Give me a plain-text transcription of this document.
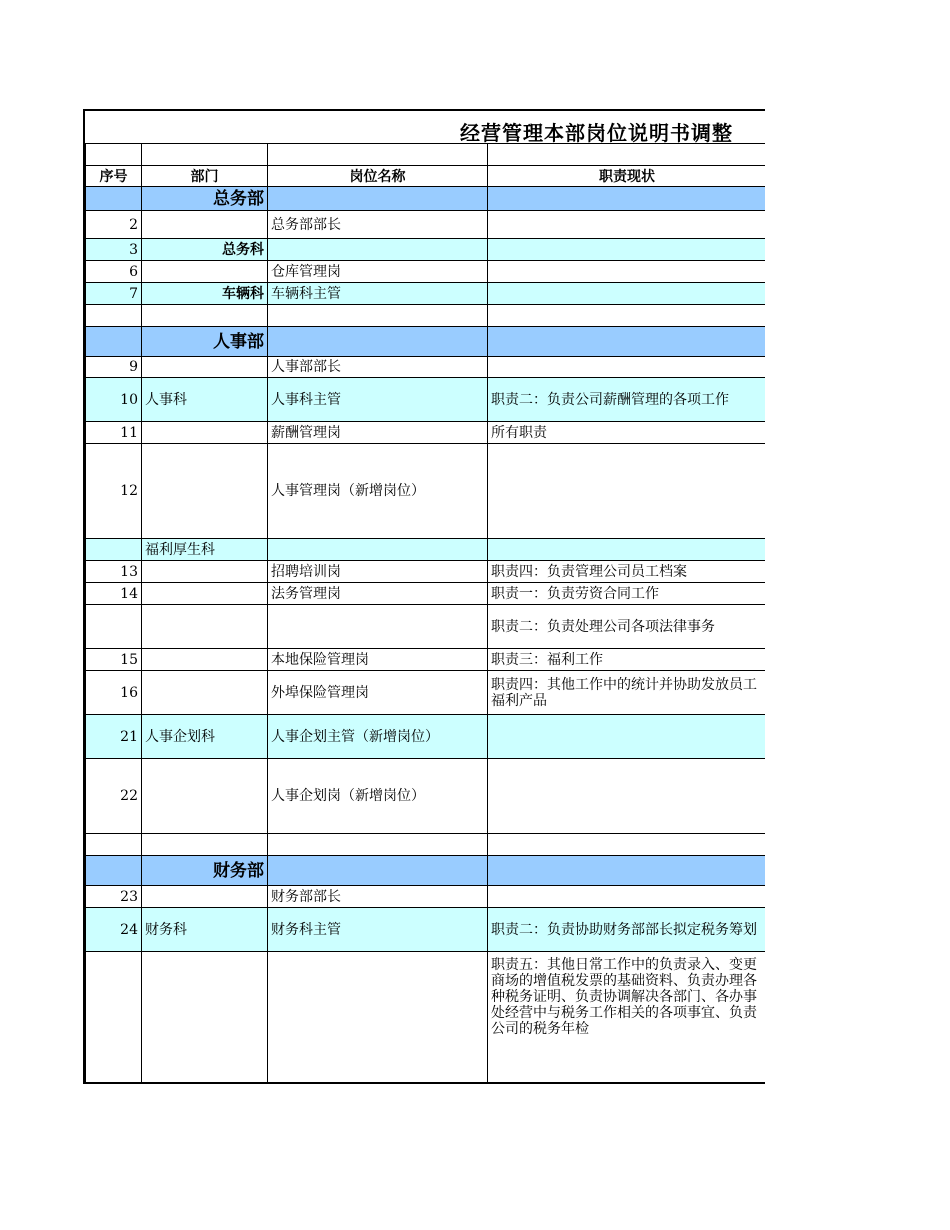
经营管理本部岗位说明书调整

序号	部门	岗位名称	职责现状
	总务部		
2		总务部部长	
3	总务科		
6		仓库管理岗	
7	车辆科	车辆科主管	

	人事部		
9		人事部部长	
10	人事科	人事科主管	职责二：负责公司薪酬管理的各项工作
11		薪酬管理岗	所有职责
12		人事管理岗（新增岗位）	
	福利厚生科		
13		招聘培训岗	职责四：负责管理公司员工档案
14		法务管理岗	职责一：负责劳资合同工作
			职责二：负责处理公司各项法律事务
15		本地保险管理岗	职责三：福利工作
16		外埠保险管理岗	职责四：其他工作中的统计并协助发放员工福利产品
21	人事企划科	人事企划主管（新增岗位）	
22		人事企划岗（新增岗位）	

	财务部		
23		财务部部长	
24	财务科	财务科主管	职责二：负责协助财务部部长拟定税务筹划
			职责五：其他日常工作中的负责录入、变更商场的增值税发票的基础资料、负责办理各种税务证明、负责协调解决各部门、各办事处经营中与税务工作相关的各项事宜、负责公司的税务年检
